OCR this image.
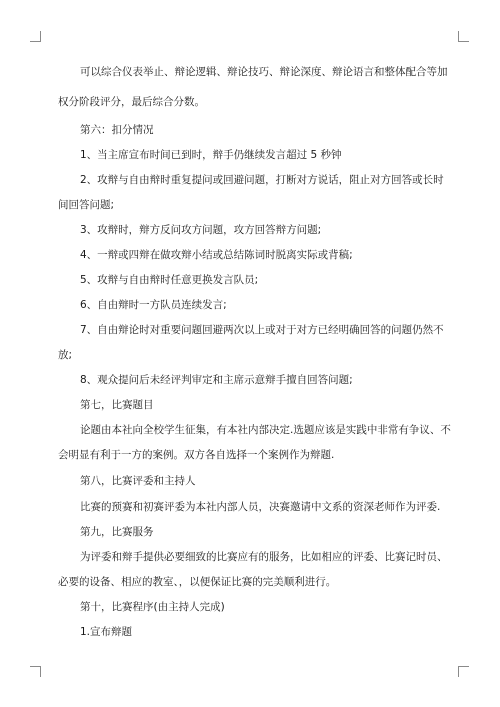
可以综合仪表举止、辩论逻辑、辩论技巧、辩论深度、辩论语言和整体配合等加
权分阶段评分，最后综合分数。
第六：扣分情况
1、当主席宣布时间已到时，辩手仍继续发言超过 5 秒钟
2、攻辩与自由辩时重复提问或回避问题，打断对方说话，阻止对方回答或长时
间回答问题;
3、攻辩时，辩方反问攻方问题，攻方回答辩方问题;
4、一辩或四辩在做攻辩小结或总结陈词时脱离实际或背稿;
5、攻辩与自由辩时任意更换发言队员;
6、自由辩时一方队员连续发言;
7、自由辩论时对重要问题回避两次以上或对于对方已经明确回答的问题仍然不
放;
8、观众提问后未经评判审定和主席示意辩手擅自回答问题;
第七，比赛题目
论题由本社向全校学生征集，有本社内部决定.选题应该是实践中非常有争议、不
会明显有利于一方的案例。双方各自选择一个案例作为辩题.
第八，比赛评委和主持人
比赛的预赛和初赛评委为本社内部人员，决赛邀请中文系的资深老师作为评委.
第九，比赛服务
为评委和辩手提供必要细致的比赛应有的服务，比如相应的评委、比赛记时员、
必要的设备、相应的教室、，以便保证比赛的完美顺利进行。
第十，比赛程序(由主持人完成)
1.宣布辩题
